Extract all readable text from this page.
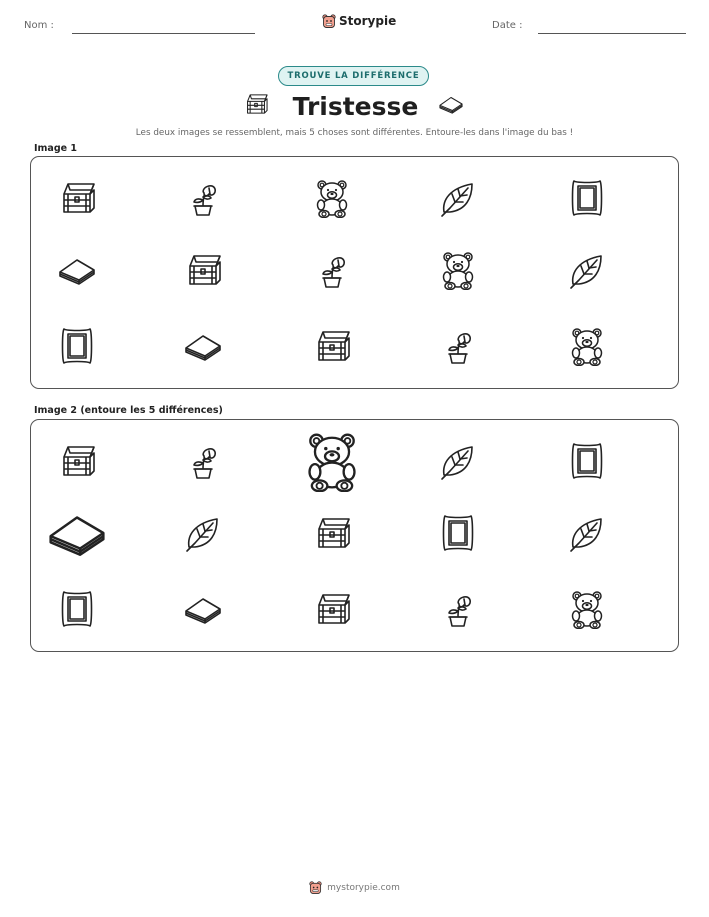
Nom :	Storypie	Date :
TROUVE LA DIFFÉRENCE
Tristesse
Les deux images se ressemblent, mais 5 choses sont différentes. Entoure-les dans l'image du bas !
Image 1
Image 2 (entoure les 5 différences)
mystorypie.com
